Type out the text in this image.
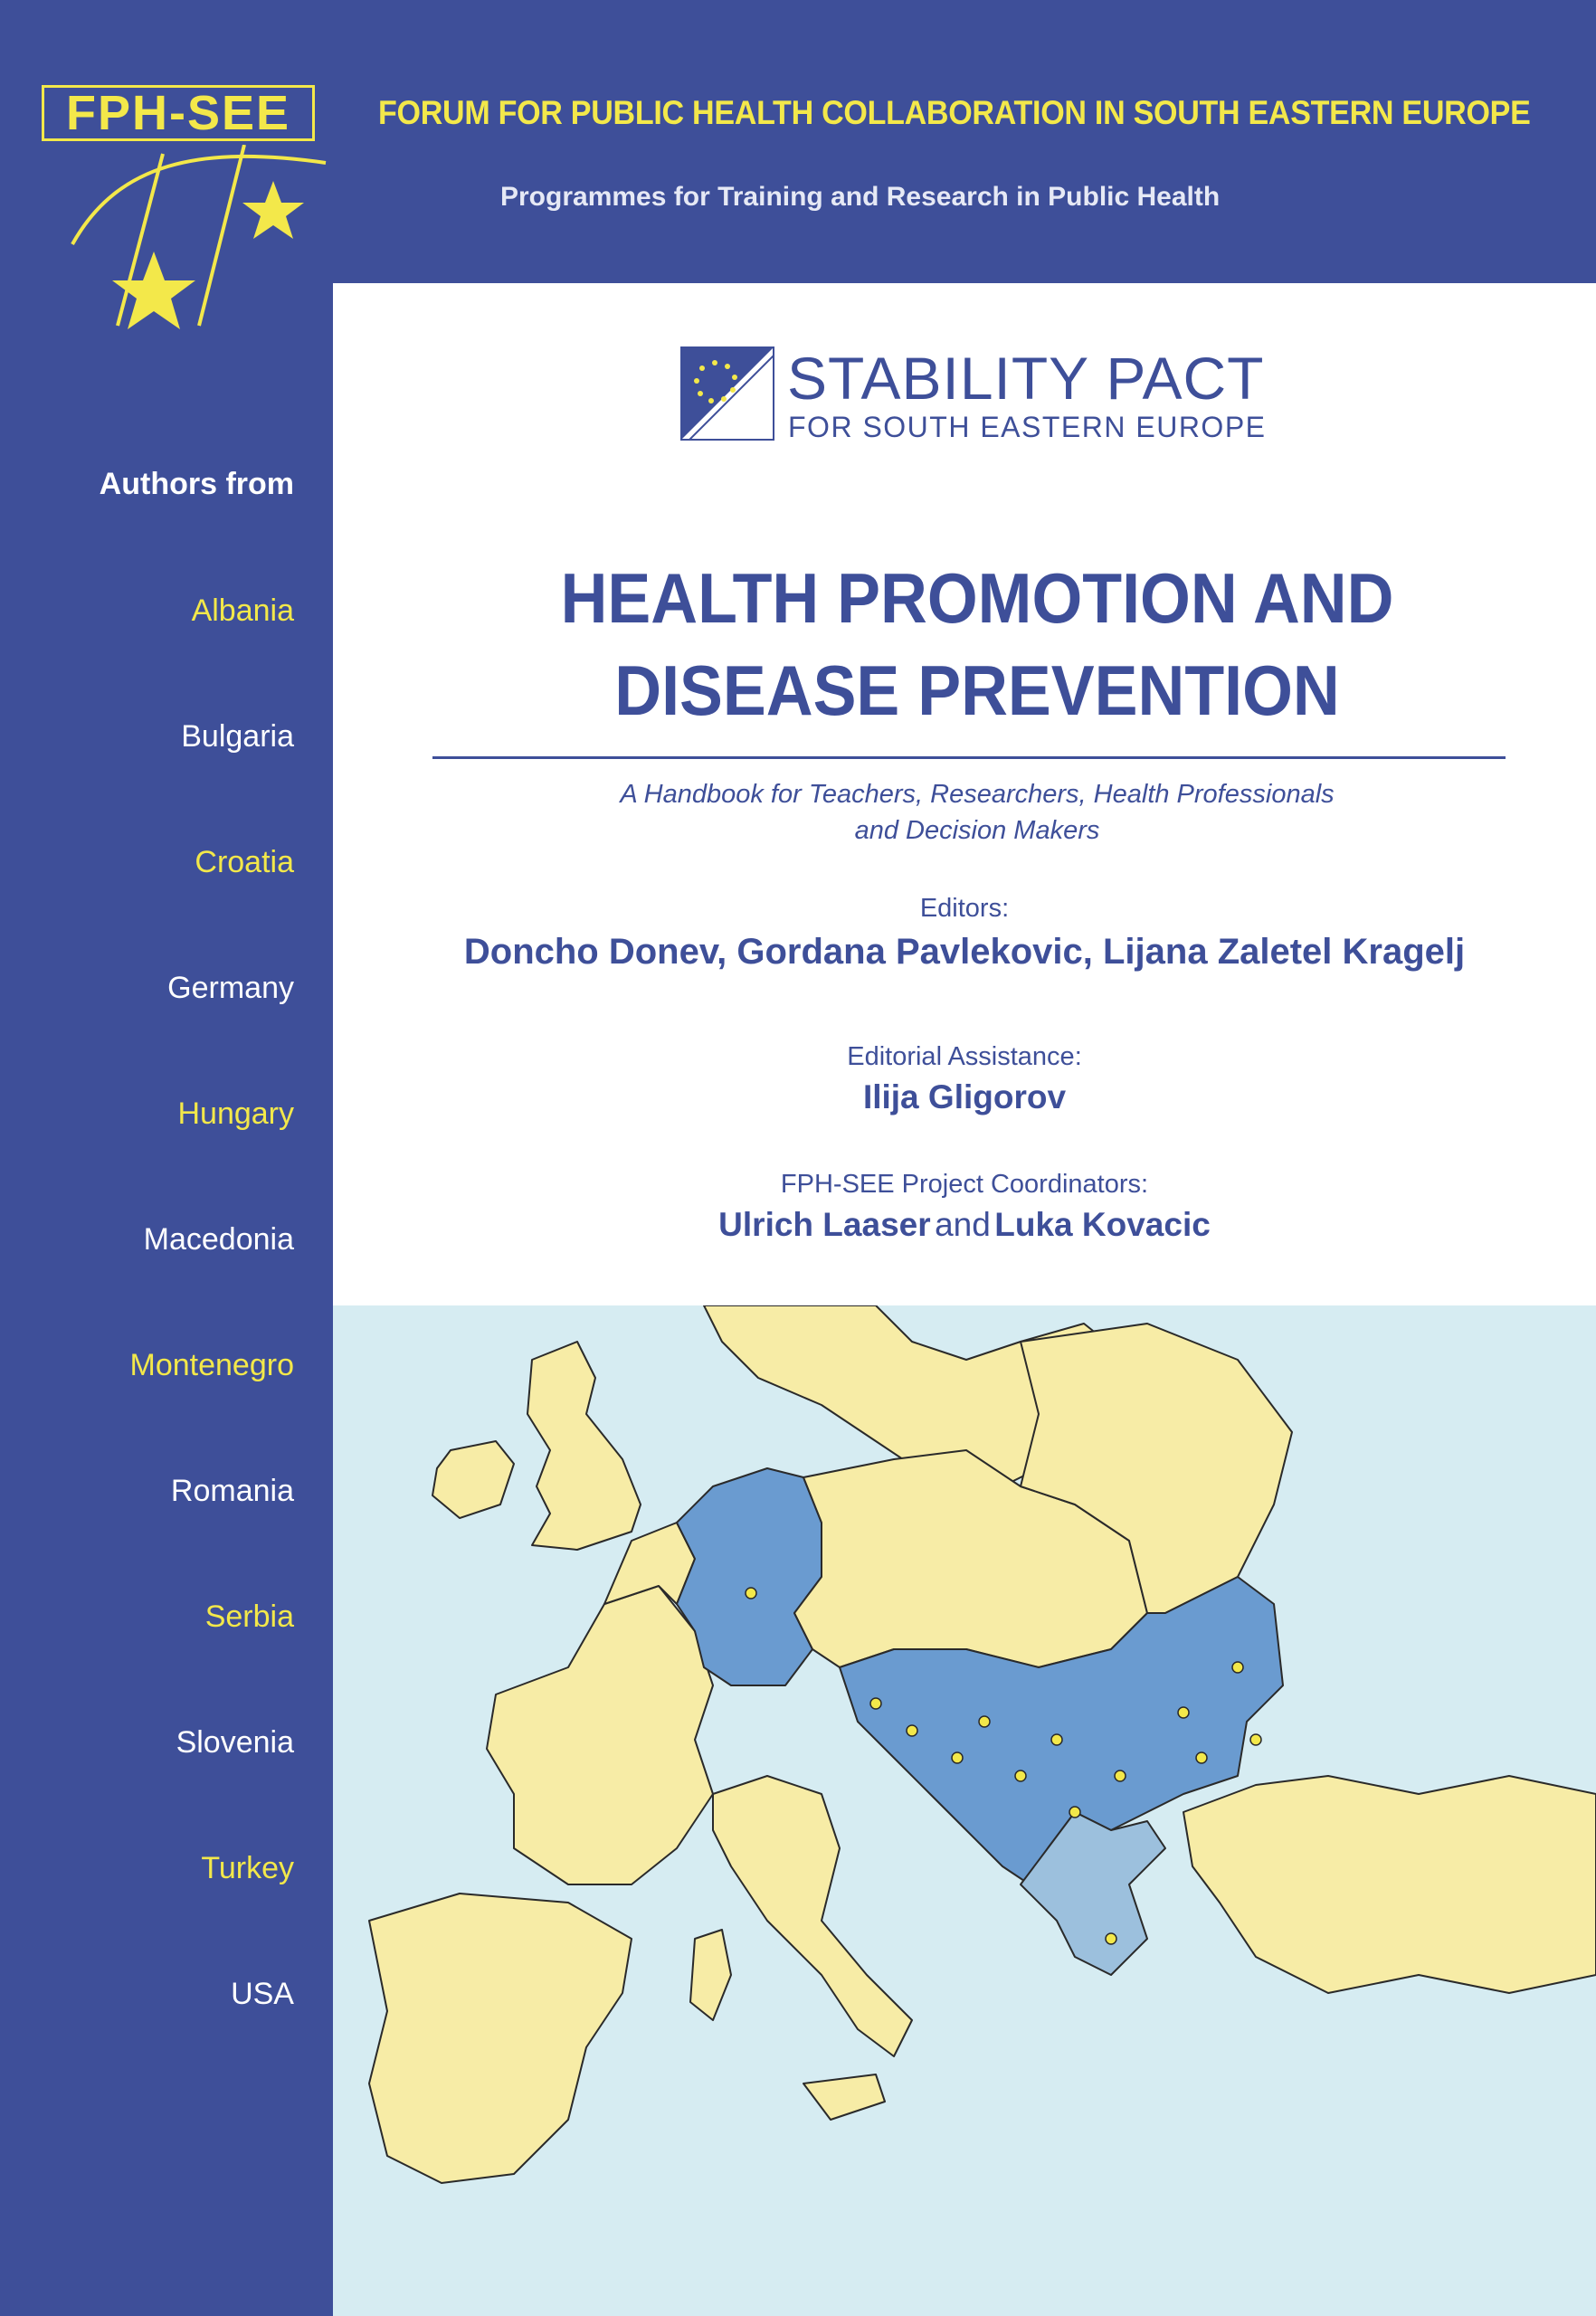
FPH-SEE	FORUM FOR PUBLIC HEALTH COLLABORATION IN SOUTH EASTERN EUROPE
Programmes for Training and Research in Public Health
Authors from
Albania
Bulgaria
Croatia
Germany
Hungary
Macedonia
Montenegro
Romania
Serbia
Slovenia
Turkey
USA
STABILITY PACT
FOR SOUTH EASTERN EUROPE
HEALTH PROMOTION AND
DISEASE PREVENTION
A Handbook for Teachers, Researchers, Health Professionals
and Decision Makers
Editors:
Doncho Donev, Gordana Pavlekovic, Lijana Zaletel Kragelj
Editorial Assistance:
Ilija Gligorov
FPH-SEE Project Coordinators:
Ulrich Laaser and Luka Kovacic
